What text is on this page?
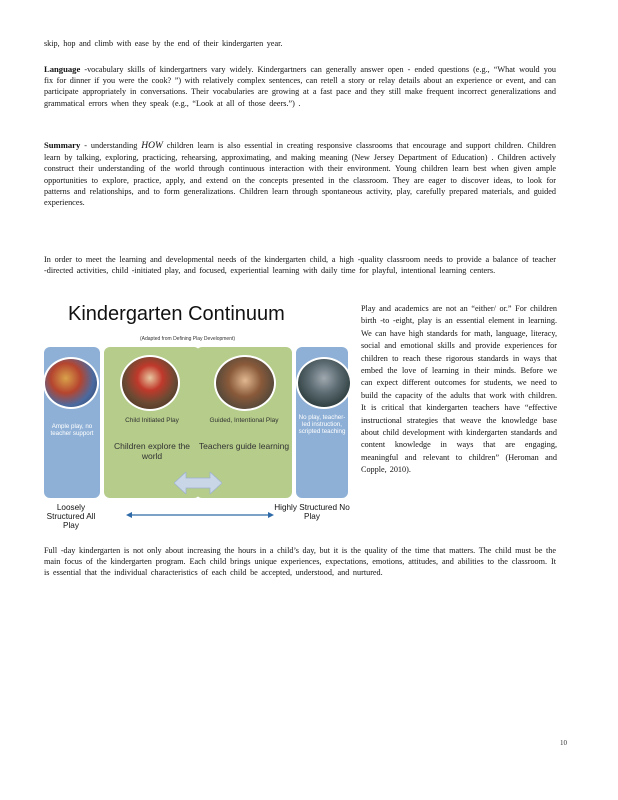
skip, hop and climb with ease by the end of their kindergarten year.

Language -vocabulary skills of kindergartners vary widely. Kindergartners can generally answer open - ended questions (e.g., “What would you fix for dinner if you were the cook? ”) with relatively complex sentences, can retell a story or relay details about an experience or event, and can participate appropriately in conversations. Their vocabularies are growing at a fast pace and they still make frequent incorrect generalizations and grammatical errors when they speak (e.g., “Look at all of those deers.”) .

Summary - understanding HOW children learn is also essential in creating responsive classrooms that encourage and support children. Children learn by talking, exploring, practicing, rehearsing, approximating, and making meaning (New Jersey Department of Education) . Children actively construct their understanding of the world through continuous interaction with their environment. Young children learn best when given ample opportunities to explore, practice, apply, and extend on the concepts presented in the classroom. They are eager to discover ideas, to look for patterns and relationships, and to form generalizations. Children learn through spontaneous activity, play, carefully prepared materials, and guided experiences.

In order to meet the learning and developmental needs of the kindergarten child, a high -quality classroom needs to provide a balance of teacher -directed activities, child -initiated play, and focused, experiential learning with daily time for playful, intentional learning centers.

Kindergarten Continuum
(Adapted from Defining Play Development)
Ample play, no teacher support
Child Initiated Play
Children explore the world
Guided, Intentional Play
Teachers guide learning
No play, teacher-led instruction, scripted teaching
Loosely Structured All Play
Highly Structured No Play

Play and academics are not an “either/ or.” For children birth -to -eight, play is an essential element in learning. We can have high standards for math, language, literacy, social and emotional skills and provide experiences for children to reach these rigorous standards in ways that embed the love of learning in their minds. Before we can expect different outcomes for students, we need to build the capacity of the adults that work with children. It is critical that kindergarten teachers have “effective instructional strategies that weave the knowledge base about child development with kindergarten standards and content knowledge in ways that are engaging, meaningful and relevant to children” (Heroman and Copple, 2010).

Full -day kindergarten is not only about increasing the hours in a child’s day, but it is the quality of the time that matters. The child must be the main focus of the kindergarten program. Each child brings unique experiences, expectations, emotions, attitudes, and abilities to the classroom. It is essential that the individual characteristics of each child be accepted, understood, and nurtured.

10
